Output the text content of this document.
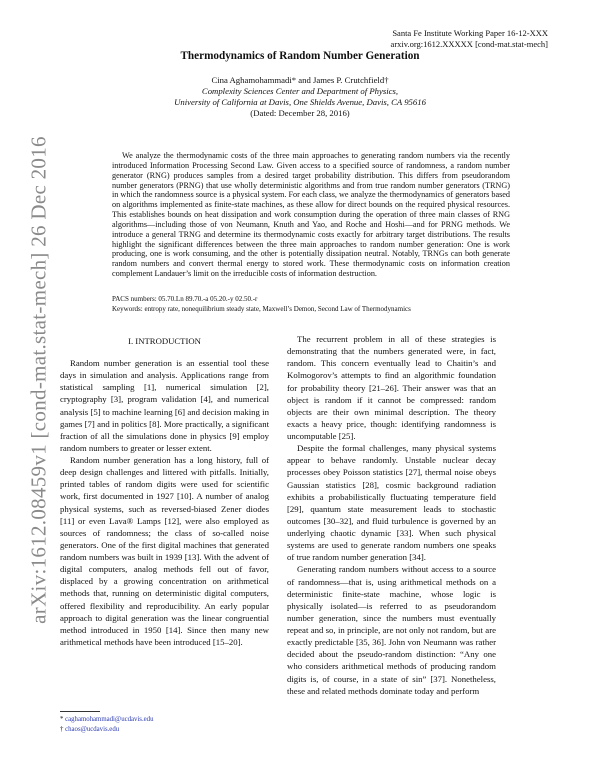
arXiv:1612.08459v1 [cond-mat.stat-mech] 26 Dec 2016
Santa Fe Institute Working Paper 16-12-XXX
arxiv.org:1612.XXXXX [cond-mat.stat-mech]
Thermodynamics of Random Number Generation
Cina Aghamohammadi* and James P. Crutchfield†
Complexity Sciences Center and Department of Physics,
University of California at Davis, One Shields Avenue, Davis, CA 95616
(Dated: December 28, 2016)

We analyze the thermodynamic costs of the three main approaches to generating random numbers via the recently introduced Information Processing Second Law. Given access to a specified source of randomness, a random number generator (RNG) produces samples from a desired target probability distribution. This differs from pseudorandom number generators (PRNG) that use wholly deterministic algorithms and from true random number generators (TRNG) in which the randomness source is a physical system. For each class, we analyze the thermodynamics of generators based on algorithms implemented as finite-state machines, as these allow for direct bounds on the required physical resources. This establishes bounds on heat dissipation and work consumption during the operation of three main classes of RNG algorithms—including those of von Neumann, Knuth and Yao, and Roche and Hoshi—and for PRNG methods. We introduce a general TRNG and determine its thermodynamic costs exactly for arbitrary target distributions. The results highlight the significant differences between the three main approaches to random number generation: One is work producing, one is work consuming, and the other is potentially dissipation neutral. Notably, TRNGs can both generate random numbers and convert thermal energy to stored work. These thermodynamic costs on information creation complement Landauer’s limit on the irreducible costs of information destruction.

PACS numbers: 05.70.Ln 89.70.-a 05.20.-y 02.50.-r
Keywords: entropy rate, nonequilibrium steady state, Maxwell’s Demon, Second Law of Thermodynamics
I. INTRODUCTION

Random number generation is an essential tool these days in simulation and analysis. Applications range from statistical sampling [1], numerical simulation [2], cryptography [3], program validation [4], and numerical analysis [5] to machine learning [6] and decision making in games [7] and in politics [8]. More practically, a significant fraction of all the simulations done in physics [9] employ random numbers to greater or lesser extent.

Random number generation has a long history, full of deep design challenges and littered with pitfalls. Initially, printed tables of random digits were used for scientific work, first documented in 1927 [10]. A number of analog physical systems, such as reversed-biased Zener diodes [11] or even Lava® Lamps [12], were also employed as sources of randomness; the class of so-called noise generators. One of the first digital machines that generated random numbers was built in 1939 [13]. With the advent of digital computers, analog methods fell out of favor, displaced by a growing concentration on arithmetical methods that, running on deterministic digital computers, offered flexibility and reproducibility. An early popular approach to digital generation was the linear congruential method introduced in 1950 [14]. Since then many new arithmetical methods have been introduced [15–20].

The recurrent problem in all of these strategies is demonstrating that the numbers generated were, in fact, random. This concern eventually lead to Chaitin’s and Kolmogorov’s attempts to find an algorithmic foundation for probability theory [21–26]. Their answer was that an object is random if it cannot be compressed: random objects are their own minimal description. The theory exacts a heavy price, though: identifying randomness is uncomputable [25].

Despite the formal challenges, many physical systems appear to behave randomly. Unstable nuclear decay processes obey Poisson statistics [27], thermal noise obeys Gaussian statistics [28], cosmic background radiation exhibits a probabilistically fluctuating temperature field [29], quantum state measurement leads to stochastic outcomes [30–32], and fluid turbulence is governed by an underlying chaotic dynamic [33]. When such physical systems are used to generate random numbers one speaks of true random number generation [34].

Generating random numbers without access to a source of randomness—that is, using arithmetical methods on a deterministic finite-state machine, whose logic is physically isolated—is referred to as pseudorandom number generation, since the numbers must eventually repeat and so, in principle, are not only not random, but are exactly predictable [35, 36]. John von Neumann was rather decided about the pseudo-random distinction: “Any one who considers arithmetical methods of producing random digits is, of course, in a state of sin” [37]. Nonetheless, these and related methods dominate today and perform

* caghamohammadi@ucdavis.edu
† chaos@ucdavis.edu
